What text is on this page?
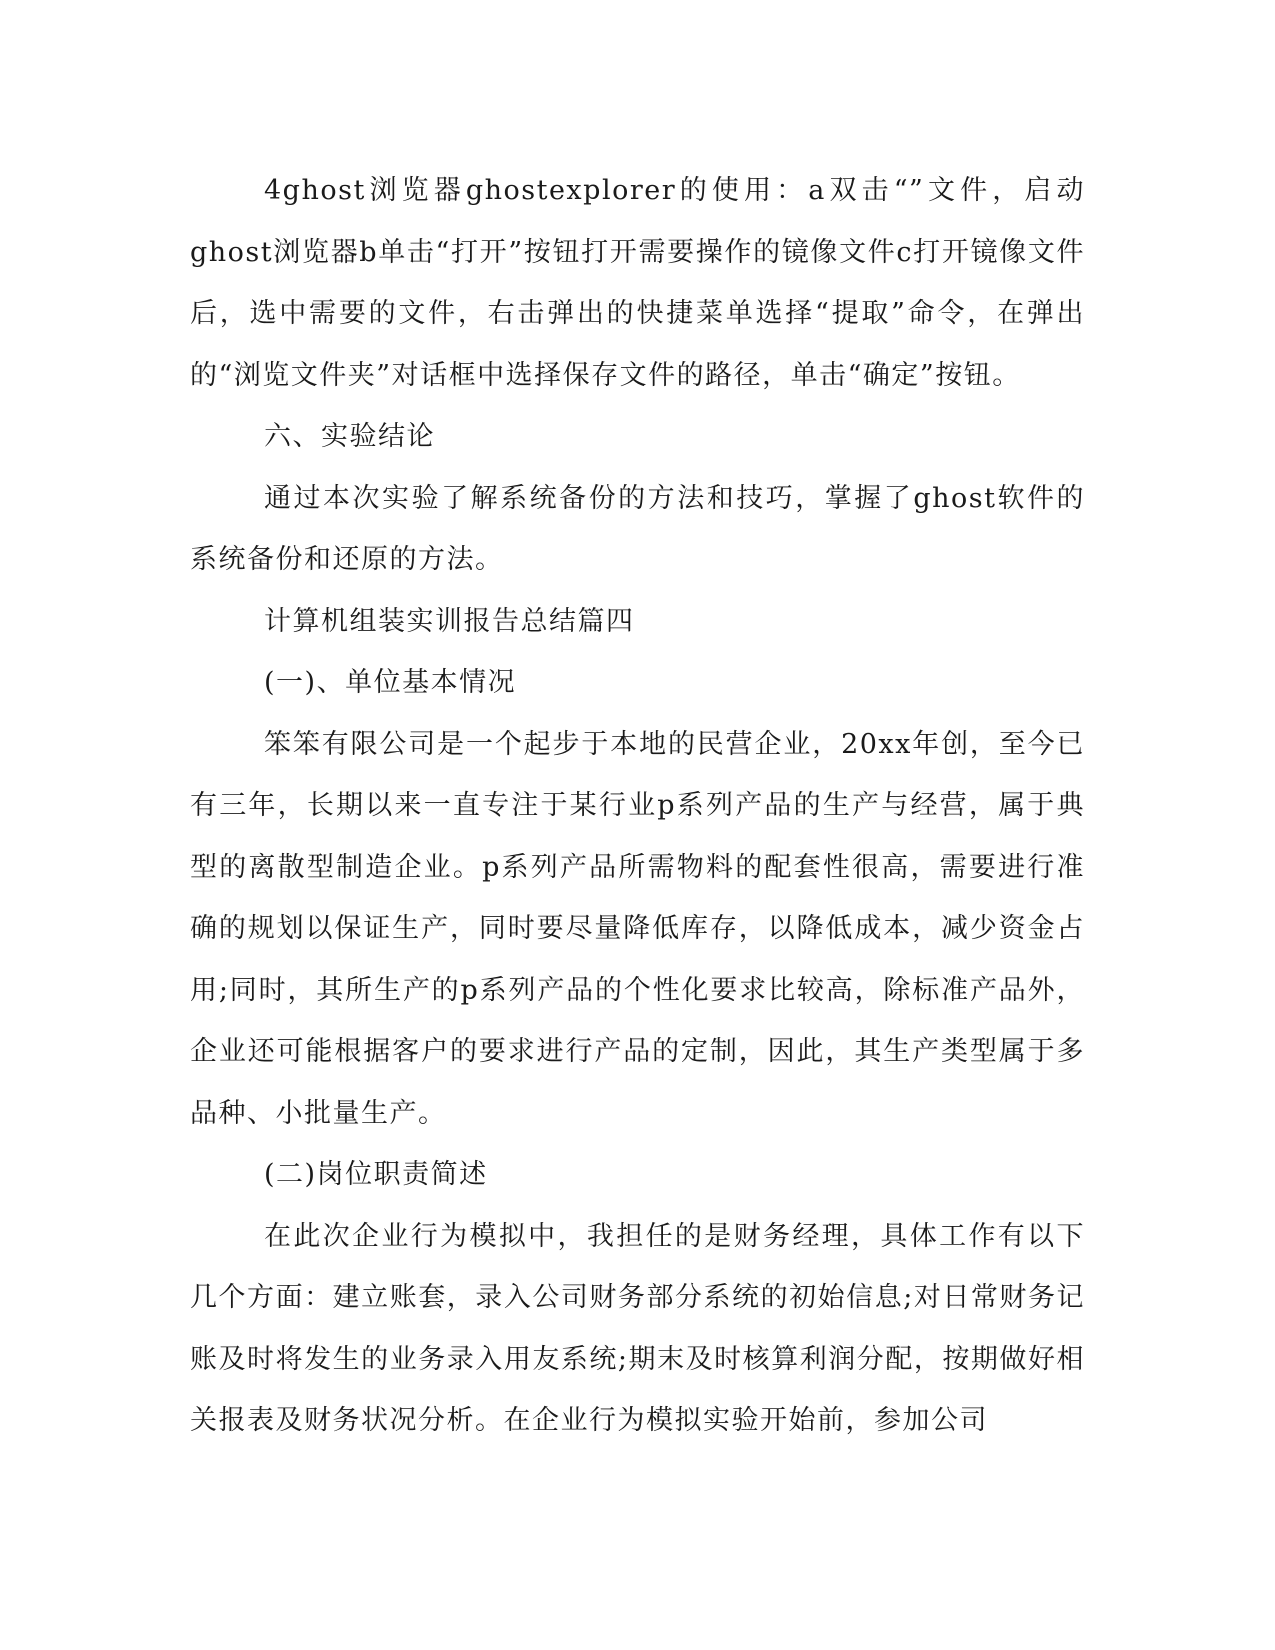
4ghost浏览器ghostexplorer的使用：a双击“”文件，启动ghost浏览器b单击“打开”按钮打开需要操作的镜像文件c打开镜像文件后，选中需要的文件，右击弹出的快捷菜单选择“提取”命令，在弹出的“浏览文件夹”对话框中选择保存文件的路径，单击“确定”按钮。

六、实验结论

通过本次实验了解系统备份的方法和技巧，掌握了ghost软件的系统备份和还原的方法。

计算机组装实训报告总结篇四

(一)、单位基本情况

笨笨有限公司是一个起步于本地的民营企业，20xx年创，至今已有三年，长期以来一直专注于某行业p系列产品的生产与经营，属于典型的离散型制造企业。p系列产品所需物料的配套性很高，需要进行准确的规划以保证生产，同时要尽量降低库存，以降低成本，减少资金占用;同时，其所生产的p系列产品的个性化要求比较高，除标准产品外，企业还可能根据客户的要求进行产品的定制，因此，其生产类型属于多品种、小批量生产。

(二)岗位职责简述

在此次企业行为模拟中，我担任的是财务经理，具体工作有以下几个方面：建立账套，录入公司财务部分系统的初始信息;对日常财务记账及时将发生的业务录入用友系统;期末及时核算利润分配，按期做好相关报表及财务状况分析。在企业行为模拟实验开始前，参加公司
